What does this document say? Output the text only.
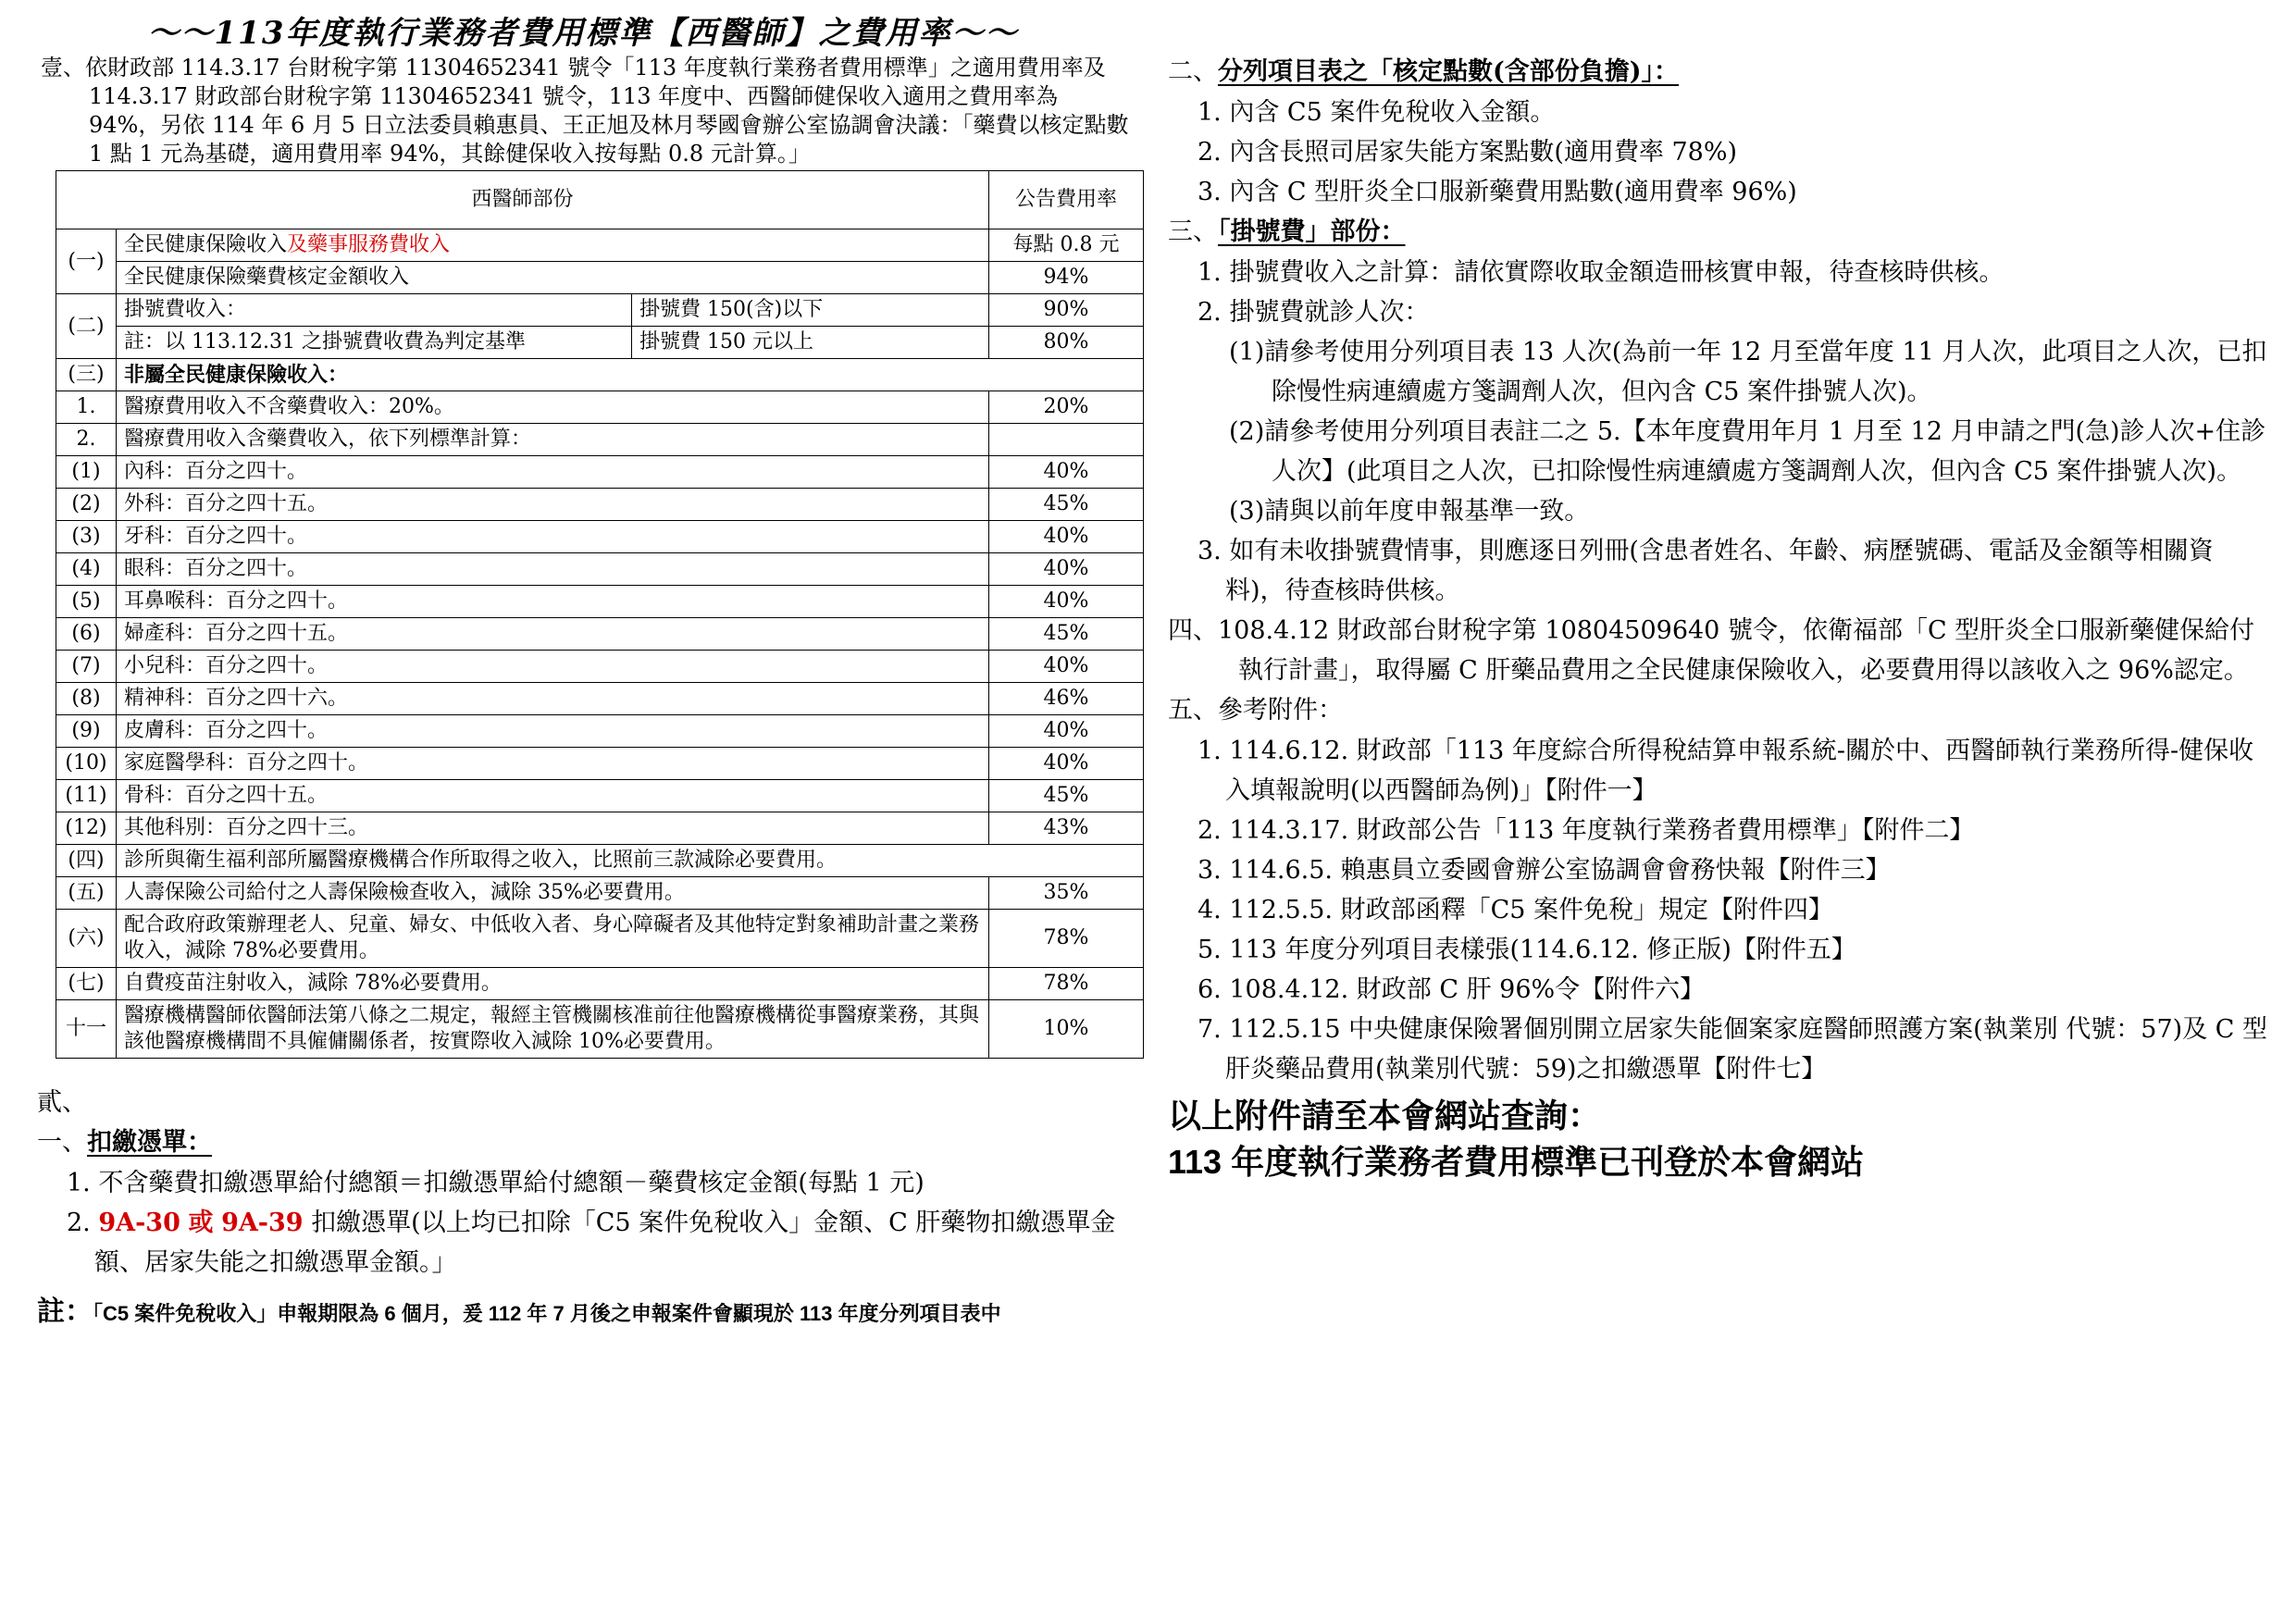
～～113年度執行業務者費用標準【西醫師】之費用率～～

壹、依財政部 114.3.17 台財稅字第 11304652341 號令「113 年度執行業務者費用標準」之適用費用率及 114.3.17 財政部台財稅字第 11304652341 號令，113 年度中、西醫師健保收入適用之費用率為 94%，另依 114 年 6 月 5 日立法委員賴惠員、王正旭及林月琴國會辦公室協調會決議：「藥費以核定點數 1 點 1 元為基礎，適用費用率 94%，其餘健保收入按每點 0.8 元計算。」

西醫師部份			公告費用率
(一)	全民健康保險收入及藥事服務費收入		每點 0.8 元
	全民健康保險藥費核定金額收入		94%
(二)	掛號費收入：	掛號費 150(含)以下	90%
	註：以 113.12.31 之掛號費收費為判定基準	掛號費 150 元以上	80%
(三)	非屬全民健康保險收入：		
1.	醫療費用收入不含藥費收入：20%。		20%
2.	醫療費用收入含藥費收入，依下列標準計算：		
(1)	內科：百分之四十。		40%
(2)	外科：百分之四十五。		45%
(3)	牙科：百分之四十。		40%
(4)	眼科：百分之四十。		40%
(5)	耳鼻喉科：百分之四十。		40%
(6)	婦產科：百分之四十五。		45%
(7)	小兒科：百分之四十。		40%
(8)	精神科：百分之四十六。		46%
(9)	皮膚科：百分之四十。		40%
(10)	家庭醫學科：百分之四十。		40%
(11)	骨科：百分之四十五。		45%
(12)	其他科別：百分之四十三。		43%
(四)	診所與衛生福利部所屬醫療機構合作所取得之收入，比照前三款減除必要費用。		
(五)	人壽保險公司給付之人壽保險檢查收入，減除 35%必要費用。		35%
(六)	配合政府政策辦理老人、兒童、婦女、中低收入者、身心障礙者及其他特定對象補助計畫之業務收入，減除 78%必要費用。		78%
(七)	自費疫苗注射收入，減除 78%必要費用。		78%
十一	醫療機構醫師依醫師法第八條之二規定，報經主管機關核准前往他醫療機構從事醫療業務，其與該他醫療機構間不具僱傭關係者，按實際收入減除 10%必要費用。		10%
貳、
一、扣繳憑單：
1. 不含藥費扣繳憑單給付總額＝扣繳憑單給付總額－藥費核定金額(每點 1 元)
2. 9A-30 或 9A-39 扣繳憑單(以上均已扣除「C5 案件免稅收入」金額、C 肝藥物扣繳憑單金額、居家失能之扣繳憑單金額。」
註：「C5 案件免稅收入」申報期限為 6 個月，爰 112 年 7 月後之申報案件會顯現於 113 年度分列項目表中
二、分列項目表之「核定點數(含部份負擔)」：
1. 內含 C5 案件免稅收入金額。
2. 內含長照司居家失能方案點數(適用費率 78%)
3. 內含 C 型肝炎全口服新藥費用點數(適用費率 96%)
三、「掛號費」部份：
1. 掛號費收入之計算：請依實際收取金額造冊核實申報，待查核時供核。
2. 掛號費就診人次：
(1)請參考使用分列項目表 13 人次(為前一年 12 月至當年度 11 月人次，此項目之人次，已扣除慢性病連續處方箋調劑人次，但內含 C5 案件掛號人次)。
(2)請參考使用分列項目表註二之 5.【本年度費用年月 1 月至 12 月申請之門(急)診人次+住診人次】(此項目之人次，已扣除慢性病連續處方箋調劑人次，但內含 C5 案件掛號人次)。
(3)請與以前年度申報基準一致。
3. 如有未收掛號費情事，則應逐日列冊(含患者姓名、年齡、病歷號碼、電話及金額等相關資料)，待查核時供核。
四、108.4.12 財政部台財稅字第 10804509640 號令，依衛福部「C 型肝炎全口服新藥健保給付執行計畫」，取得屬 C 肝藥品費用之全民健康保險收入，必要費用得以該收入之 96%認定。
五、參考附件：
1. 114.6.12. 財政部「113 年度綜合所得稅結算申報系統-關於中、西醫師執行業務所得-健保收入填報說明(以西醫師為例)」【附件一】
2. 114.3.17. 財政部公告「113 年度執行業務者費用標準」【附件二】
3. 114.6.5. 賴惠員立委國會辦公室協調會會務快報【附件三】
4. 112.5.5. 財政部函釋「C5 案件免稅」規定【附件四】
5. 113 年度分列項目表樣張(114.6.12. 修正版)【附件五】
6. 108.4.12. 財政部 C 肝 96%令【附件六】
7. 112.5.15 中央健康保險署個別開立居家失能個案家庭醫師照護方案(執業別 代號：57)及 C 型肝炎藥品費用(執業別代號：59)之扣繳憑單【附件七】
以上附件請至本會網站查詢：
113 年度執行業務者費用標準已刊登於本會網站
